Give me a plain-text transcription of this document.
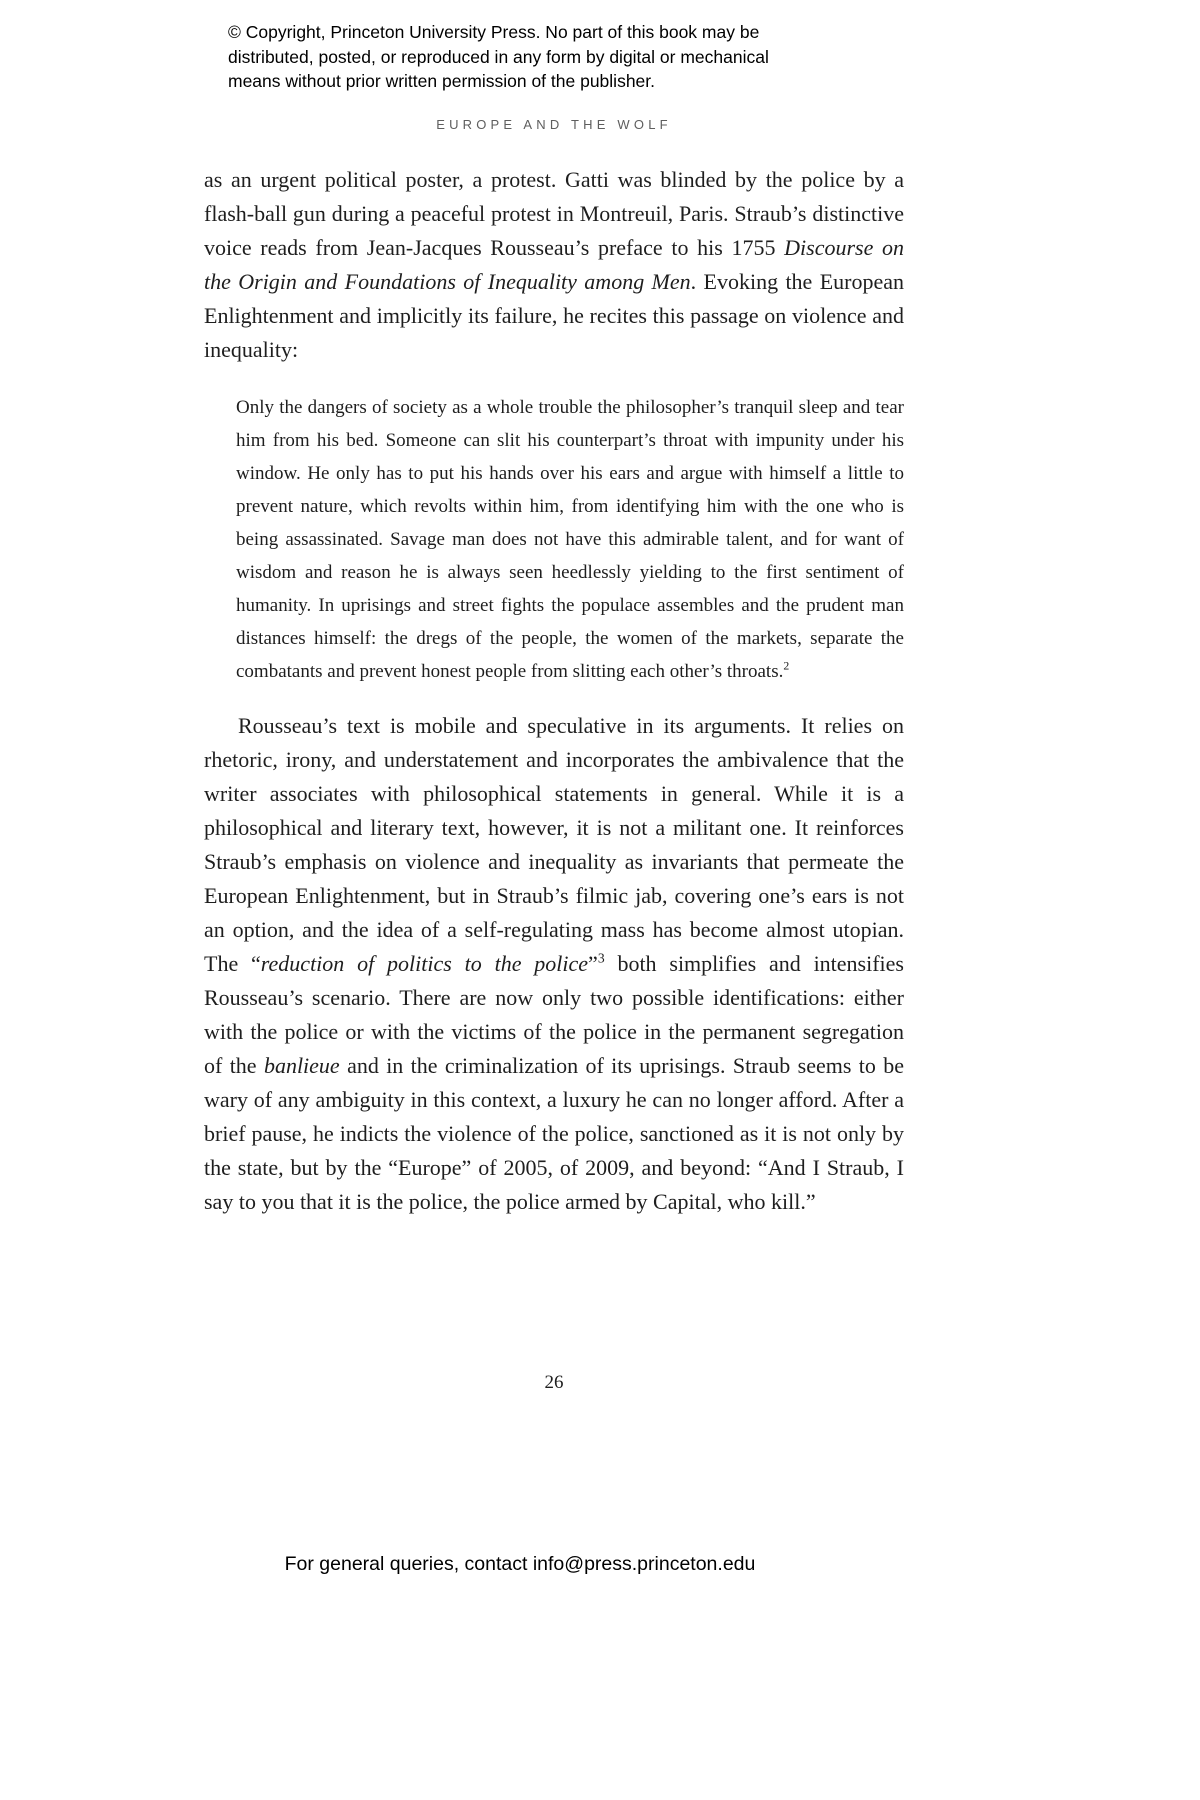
© Copyright, Princeton University Press. No part of this book may be distributed, posted, or reproduced in any form by digital or mechanical means without prior written permission of the publisher.

EUROPE AND THE WOLF

as an urgent political poster, a protest. Gatti was blinded by the police by a flash-ball gun during a peaceful protest in Montreuil, Paris. Straub’s distinctive voice reads from Jean-Jacques Rousseau’s preface to his 1755 Discourse on the Origin and Foundations of Inequality among Men. Evoking the European Enlightenment and implicitly its failure, he recites this passage on violence and inequality:

Only the dangers of society as a whole trouble the philosopher’s tranquil sleep and tear him from his bed. Someone can slit his counterpart’s throat with impunity under his window. He only has to put his hands over his ears and argue with himself a little to prevent nature, which revolts within him, from identifying him with the one who is being assassinated. Savage man does not have this admirable talent, and for want of wisdom and reason he is always seen heedlessly yielding to the first sentiment of humanity. In uprisings and street fights the populace assembles and the prudent man distances himself: the dregs of the people, the women of the markets, separate the combatants and prevent honest people from slitting each other’s throats.$^2$

Rousseau’s text is mobile and speculative in its arguments. It relies on rhetoric, irony, and understatement and incorporates the ambivalence that the writer associates with philosophical statements in general. While it is a philosophical and literary text, however, it is not a militant one. It reinforces Straub’s emphasis on violence and inequality as invariants that permeate the European Enlightenment, but in Straub’s filmic jab, covering one’s ears is not an option, and the idea of a self-regulating mass has become almost utopian. The “reduction of politics to the police”$^3$ both simplifies and intensifies Rousseau’s scenario. There are now only two possible identifications: either with the police or with the victims of the police in the permanent segregation of the banlieue and in the criminalization of its uprisings. Straub seems to be wary of any ambiguity in this context, a luxury he can no longer afford. After a brief pause, he indicts the violence of the police, sanctioned as it is not only by the state, but by the “Europe” of 2005, of 2009, and beyond: “And I Straub, I say to you that it is the police, the police armed by Capital, who kill.”

26
For general queries, contact info@press.princeton.edu
